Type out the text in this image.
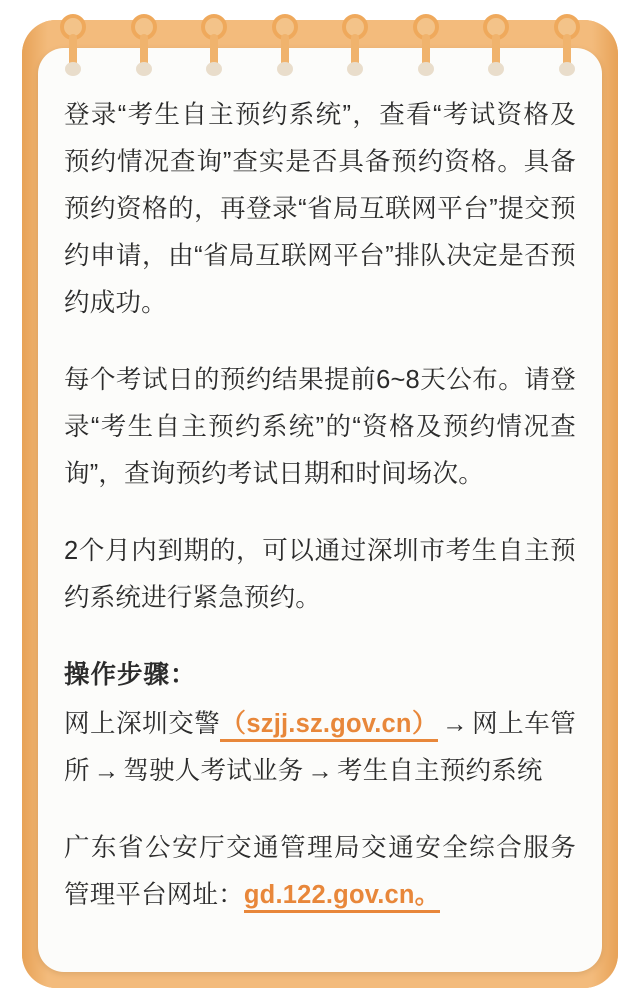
登录“考生自主预约系统”，查看“考试资格及预约情况查询”查实是否具备预约资格。具备预约资格的，再登录“省局互联网平台”提交预约申请，由“省局互联网平台”排队决定是否预约成功。

每个考试日的预约结果提前6~8天公布。请登录“考生自主预约系统”的“资格及预约情况查询”，查询预约考试日期和时间场次。

2个月内到期的，可以通过深圳市考生自主预约系统进行紧急预约。

操作步骤：

网上深圳交警（szjj.sz.gov.cn） → 网上车管所 → 驾驶人考试业务 → 考生自主预约系统

广东省公安厅交通管理局交通安全综合服务管理平台网址：gd.122.gov.cn。
